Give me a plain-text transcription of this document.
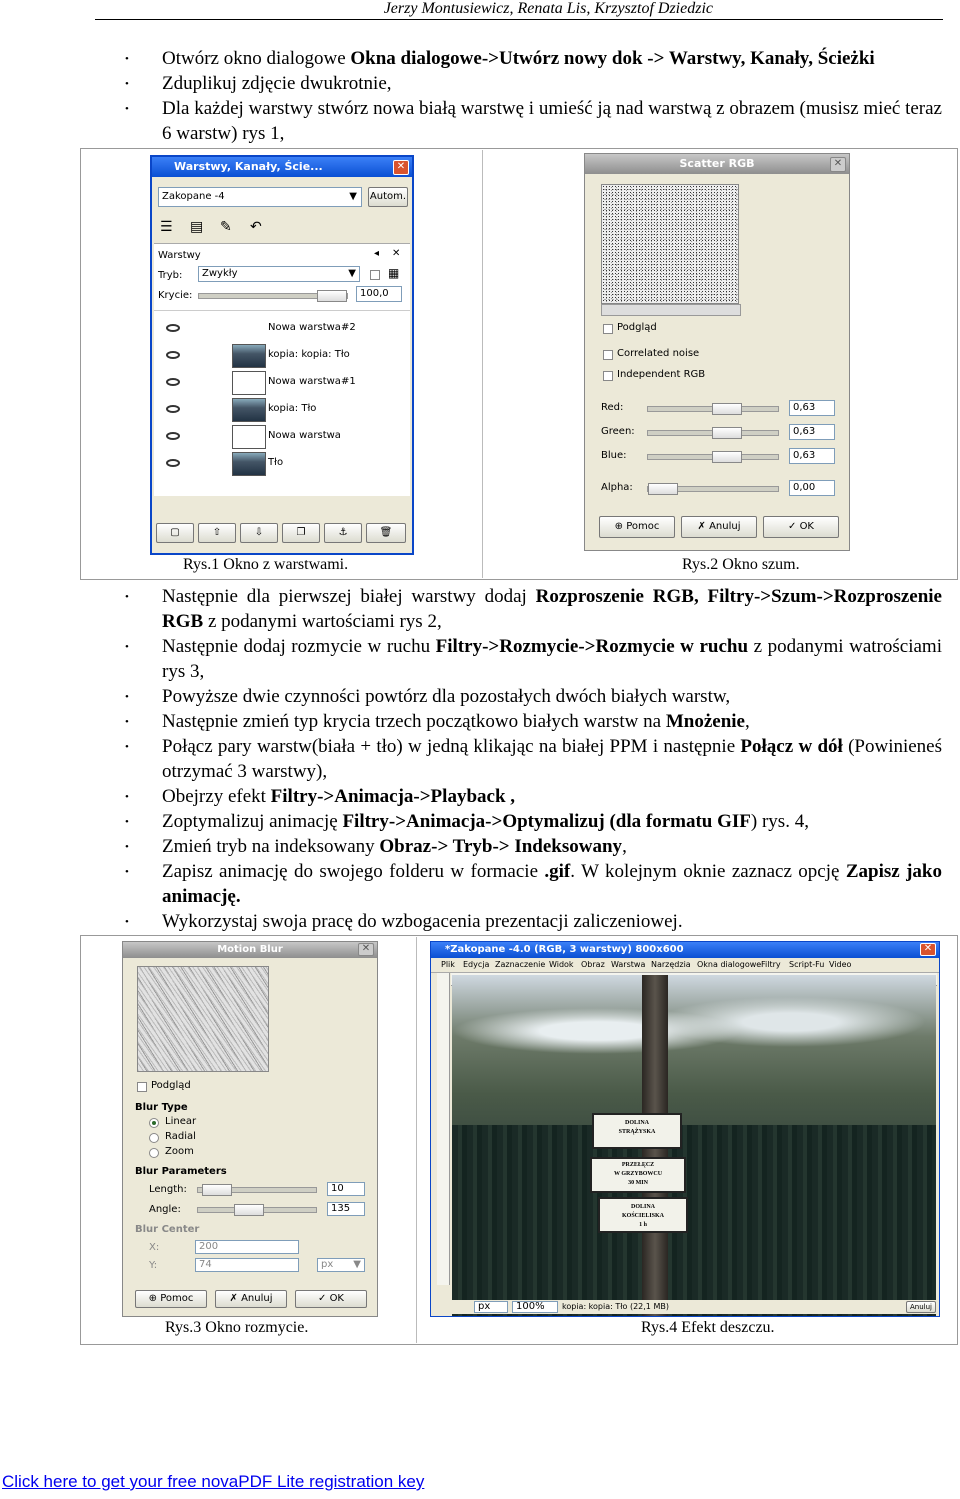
Jerzy Montusiewicz, Renata Lis, Krzysztof Dziedzic
• Otwórz okno dialogowe Okna dialogowe->Utwórz nowy dok -> Warstwy, Kanały, Ścieżki
• Zduplikuj zdjęcie dwukrotnie,
• Dla każdej warstwy stwórz nowa białą warstwę i umieść ją nad warstwą z obrazem (musisz mieć teraz 6 warstw) rys 1,
Warstwy, Kanały, Ście...	✕
Zakopane -4	▼ Autom.
☰ ▤ ✎ ↶
Warstwy	◂ ✕
Tryb:	Zwykły	▼	▦
Krycie:	100,0
Nowa warstwa#2
kopia: kopia: Tło
Nowa warstwa#1
kopia: Tło
Nowa warstwa
Tło
▢	⇧	⇩	❐	⚓	🗑
Scatter RGB	✕
Podgląd
Correlated noise
Independent RGB
Red:	0,63
Green:	0,63
Blue:	0,63
Alpha:	0,00
⊕ Pomoc	✗ Anuluj	✓ OK
Rys.1 Okno z warstwami.	Rys.2 Okno szum.
• Następnie dla pierwszej białej warstwy dodaj Rozproszenie RGB, Filtry->Szum->Rozproszenie RGB z podanymi wartościami rys 2,
• Następnie dodaj rozmycie w ruchu Filtry->Rozmycie->Rozmycie w ruchu z podanymi watrościami rys 3,
• Powyższe dwie czynności powtórz dla pozostałych dwóch białych warstw,
• Następnie zmień typ krycia trzech początkowo białych warstw na Mnożenie,
• Połącz pary warstw(biała + tło) w jedną klikając na białej PPM i następnie Połącz w dół (Powinieneś otrzymać 3 warstwy),
• Obejrzy efekt Filtry->Animacja->Playback ,
• Zoptymalizuj animację Filtry->Animacja->Optymalizuj (dla formatu GIF) rys. 4,
• Zmień tryb na indeksowany Obraz-> Tryb-> Indeksowany,
• Zapisz animację do swojego folderu w formacie .gif. W kolejnym oknie zaznacz opcję Zapisz jako animację.
• Wykorzystaj swoja pracę do wzbogacenia prezentacji zaliczeniowej.
Motion Blur	✕
Podgląd
Blur Type
Linear
Radial
Zoom
Blur Parameters
Length:	10
Angle:	135
Blur Center
X:	200
Y:	74	px ▼
⊕ Pomoc	✗ Anuluj	✓ OK
*Zakopane -4.0 (RGB, 3 warstwy) 800x600	✕
Plik Edycja Zaznaczenie Widok Obraz Warstwa Narzędzia Okna dialogowe Filtry Script-Fu Video
DOLINA
STRĄŻYSKA
PRZEŁĘCZ
W GRZYBOWCU
30 MIN
DOLINA
KOŚCIELISKA
1 h
px	100%	kopia: kopia: Tło (22,1 MB)	Anuluj
Rys.3 Okno rozmycie.	Rys.4 Efekt deszczu.
Click here to get your free novaPDF Lite registration key
